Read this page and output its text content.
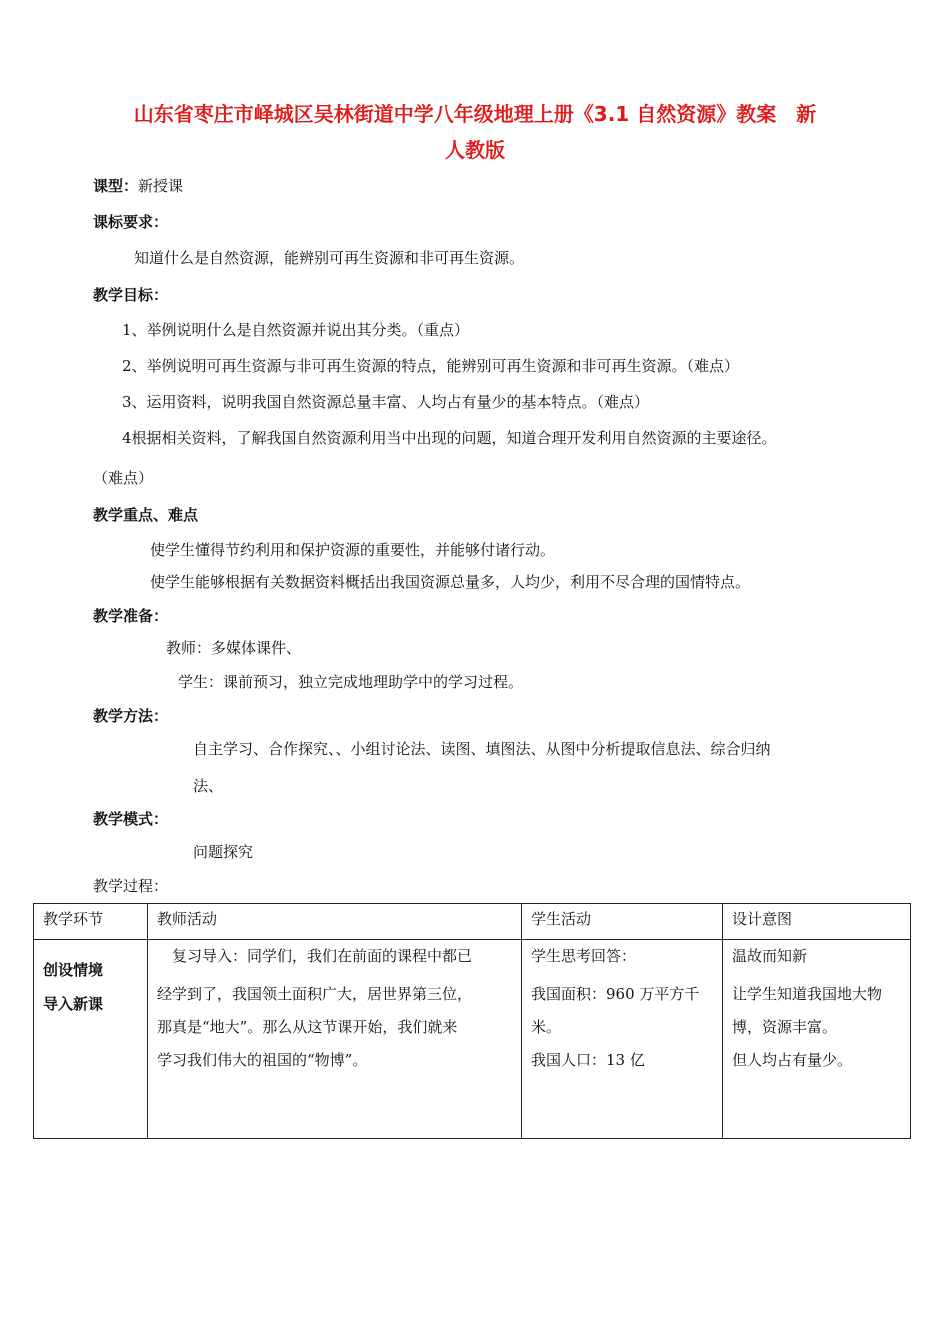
山东省枣庄市峄城区吴林街道中学八年级地理上册《3.1 自然资源》教案　新
人教版
课型：新授课
课标要求：
知道什么是自然资源，能辨别可再生资源和非可再生资源。
教学目标：
1、举例说明什么是自然资源并说出其分类。（重点）
2、举例说明可再生资源与非可再生资源的特点，能辨别可再生资源和非可再生资源。（难点）
3、运用资料，说明我国自然资源总量丰富、人均占有量少的基本特点。（难点）
4根据相关资料，了解我国自然资源利用当中出现的问题，知道合理开发利用自然资源的主要途径。
（难点）
教学重点、难点
使学生懂得节约利用和保护资源的重要性，并能够付诸行动。
使学生能够根据有关数据资料概括出我国资源总量多，人均少，利用不尽合理的国情特点。
教学准备：
教师：多媒体课件、
学生：课前预习，独立完成地理助学中的学习过程。
教学方法：
自主学习、合作探究、、小组讨论法、读图、填图法、从图中分析提取信息法、综合归纳
法、
教学模式：
问题探究
教学过程：
教学环节	教师活动	学生活动	设计意图

创设情境
导入新课	　复习导入：同学们，我们在前面的课程中都已
经学到了，我国领土面积广大，居世界第三位，
那真是“地大”。那么从这节课开始，我们就来
学习我们伟大的祖国的“物博”。	学生思考回答：
我国面积：960 万平方千
米。
我国人口：13 亿	温故而知新
让学生知道我国地大物
博，资源丰富。
但人均占有量少。
